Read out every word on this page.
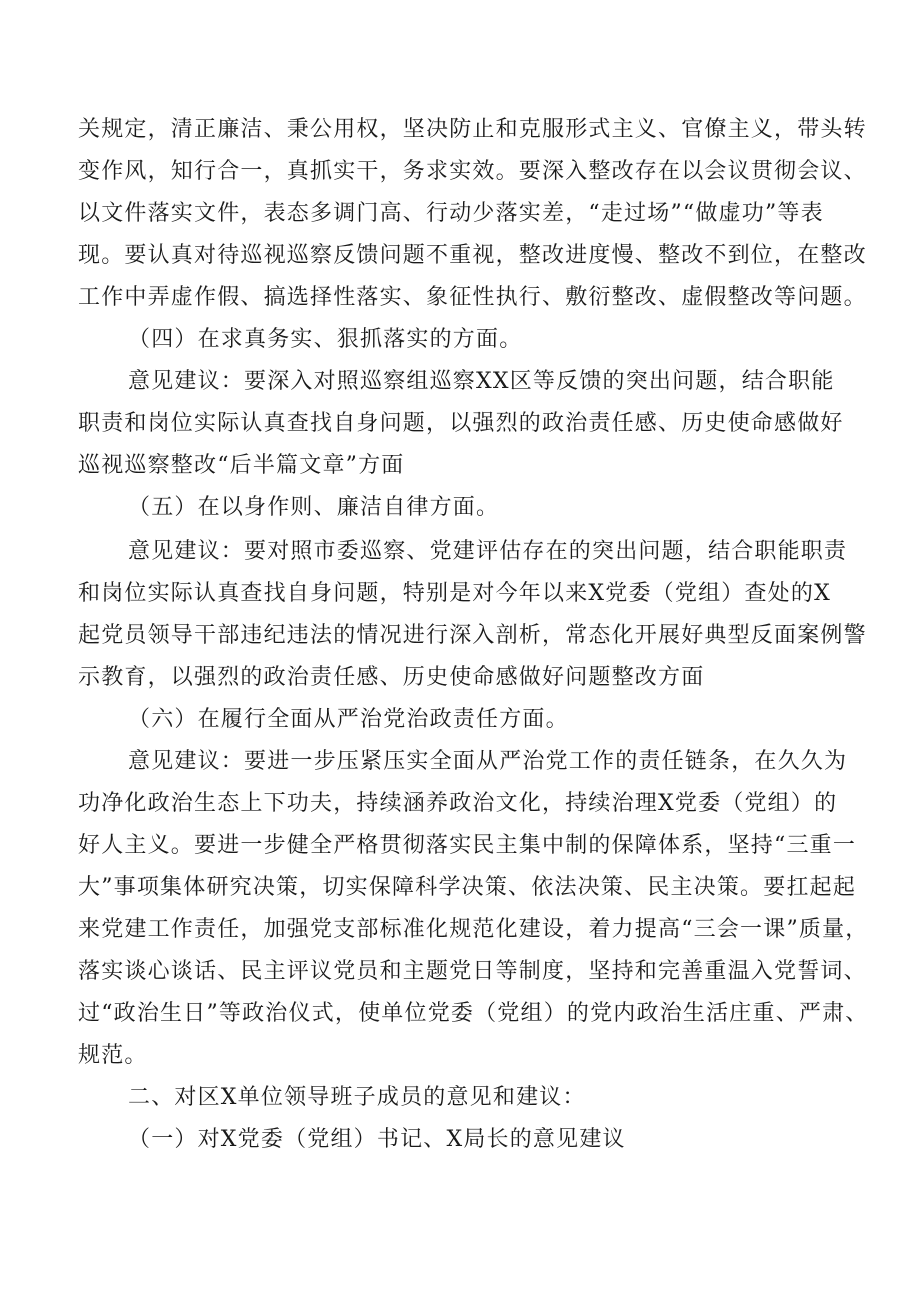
关规定，清正廉洁、秉公用权，坚决防止和克服形式主义、官僚主义，带头转
变作风，知行合一，真抓实干，务求实效。要深入整改存在以会议贯彻会议、
以文件落实文件，表态多调门高、行动少落实差，“走过场”“做虚功”等表
现。要认真对待巡视巡察反馈问题不重视，整改进度慢、整改不到位，在整改
工作中弄虚作假、搞选择性落实、象征性执行、敷衍整改、虚假整改等问题。
（四）在求真务实、狠抓落实的方面。
意见建议：要深入对照巡察组巡察XX区等反馈的突出问题，结合职能
职责和岗位实际认真查找自身问题，以强烈的政治责任感、历史使命感做好
巡视巡察整改“后半篇文章”方面
（五）在以身作则、廉洁自律方面。
意见建议：要对照市委巡察、党建评估存在的突出问题，结合职能职责
和岗位实际认真查找自身问题，特别是对今年以来X党委（党组）查处的X
起党员领导干部违纪违法的情况进行深入剖析，常态化开展好典型反面案例警
示教育，以强烈的政治责任感、历史使命感做好问题整改方面
（六）在履行全面从严治党治政责任方面。
意见建议：要进一步压紧压实全面从严治党工作的责任链条，在久久为
功净化政治生态上下功夫，持续涵养政治文化，持续治理X党委（党组）的
好人主义。要进一步健全严格贯彻落实民主集中制的保障体系，坚持“三重一
大”事项集体研究决策，切实保障科学决策、依法决策、民主决策。要扛起起
来党建工作责任，加强党支部标准化规范化建设，着力提高“三会一课”质量，
落实谈心谈话、民主评议党员和主题党日等制度，坚持和完善重温入党誓词、
过“政治生日”等政治仪式，使单位党委（党组）的党内政治生活庄重、严肃、
规范。
二、对区X单位领导班子成员的意见和建议：
（一）对X党委（党组）书记、X局长的意见建议
